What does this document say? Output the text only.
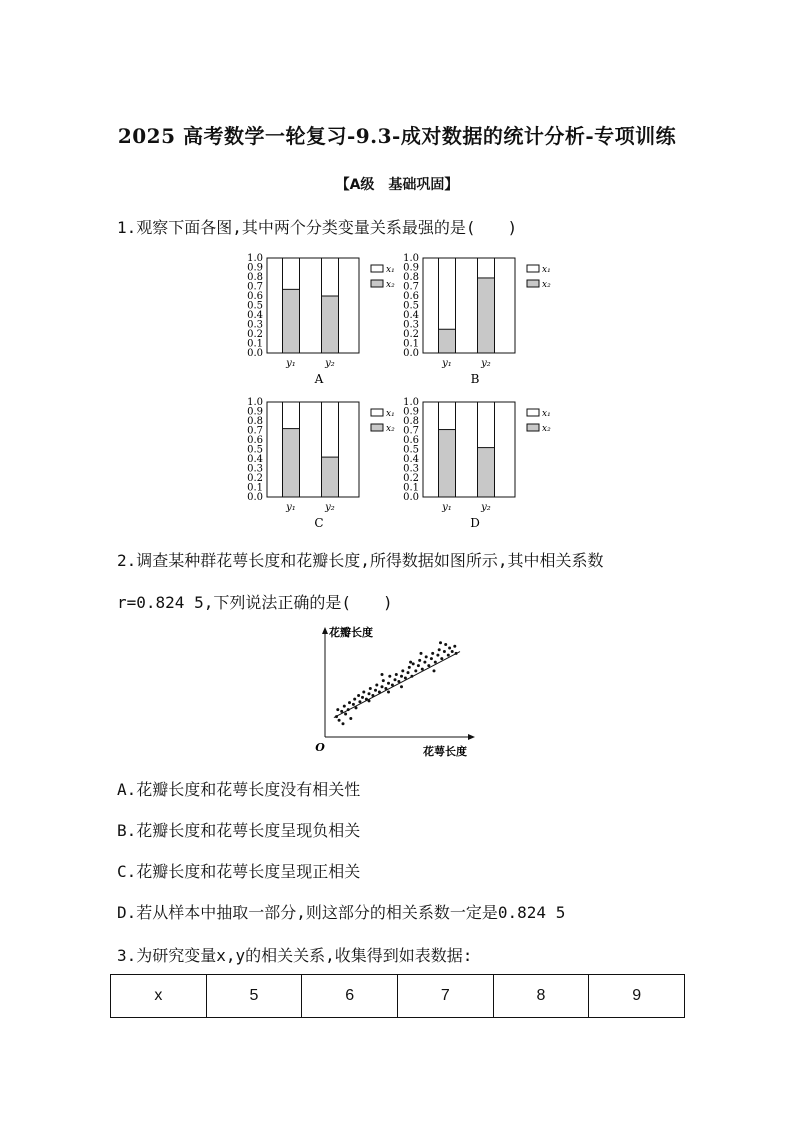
2025 高考数学一轮复习-9.3-成对数据的统计分析-专项训练
【A级　基础巩固】
1.观察下面各图,其中两个分类变量关系最强的是(　　)
1.0
0.9
0.8
0.7
0.6
0.5
0.4
0.3
0.2
0.1
0.0
y₁	y₂
A
x₁
x₂
1.0
0.9
0.8
0.7
0.6
0.5
0.4
0.3
0.2
0.1
0.0
y₁	y₂
B
x₁
x₂
1.0
0.9
0.8
0.7
0.6
0.5
0.4
0.3
0.2
0.1
0.0
y₁	y₂
C
x₁
x₂
1.0
0.9
0.8
0.7
0.6
0.5
0.4
0.3
0.2
0.1
0.0
y₁	y₂
D
x₁
x₂
2.调查某种群花萼长度和花瓣长度,所得数据如图所示,其中相关系数
r=0.824 5,下列说法正确的是(　　)
花瓣长度
花萼长度
O
A.花瓣长度和花萼长度没有相关性
B.花瓣长度和花萼长度呈现负相关
C.花瓣长度和花萼长度呈现正相关
D.若从样本中抽取一部分,则这部分的相关系数一定是0.824 5
3.为研究变量x,y的相关关系,收集得到如表数据:
x	5	6	7	8	9
